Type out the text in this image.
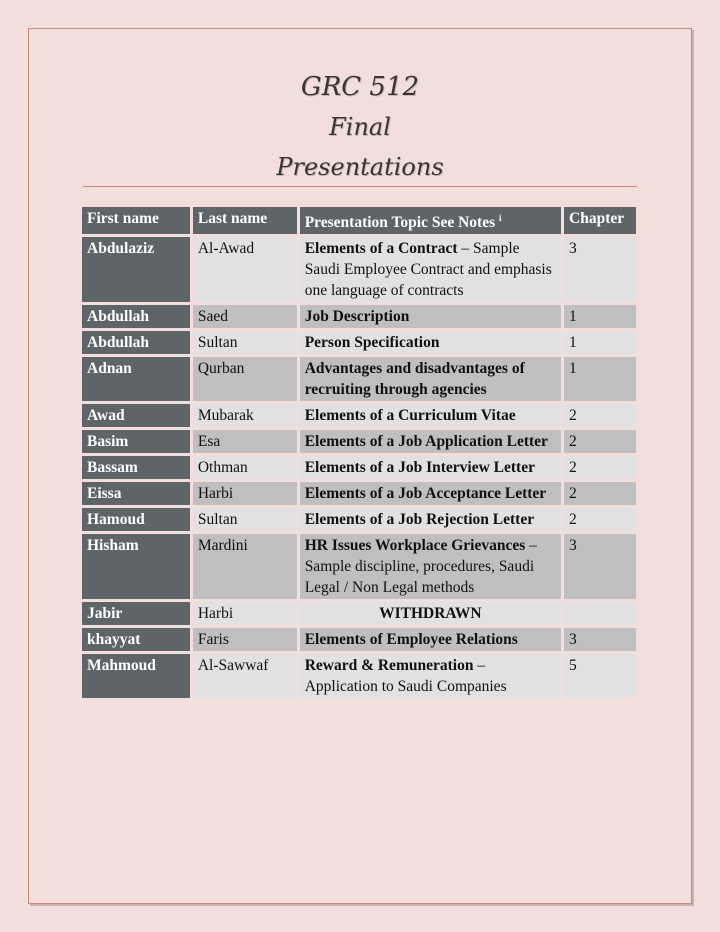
GRC 512
Final
Presentations
First name	Last name	Presentation Topic See Notes $^i$	Chapter
Abdulaziz	Al-Awad	Elements of a Contract – Sample Saudi Employee Contract and emphasis one language of contracts	3
Abdullah	Saed	Job Description	1
Abdullah	Sultan	Person Specification	1
Adnan	Qurban	Advantages and disadvantages of recruiting through agencies	1
Awad	Mubarak	Elements of a Curriculum Vitae	2
Basim	Esa	Elements of a Job Application Letter	2
Bassam	Othman	Elements of a Job Interview Letter	2
Eissa	Harbi	Elements of a Job Acceptance Letter	2
Hamoud	Sultan	Elements of a Job Rejection Letter	2
Hisham	Mardini	HR Issues Workplace Grievances – Sample discipline, procedures, Saudi Legal / Non Legal methods	3
Jabir	Harbi	WITHDRAWN	
khayyat	Faris	Elements of Employee Relations	3
Mahmoud	Al-Sawwaf	Reward & Remuneration – Application to Saudi Companies	5
